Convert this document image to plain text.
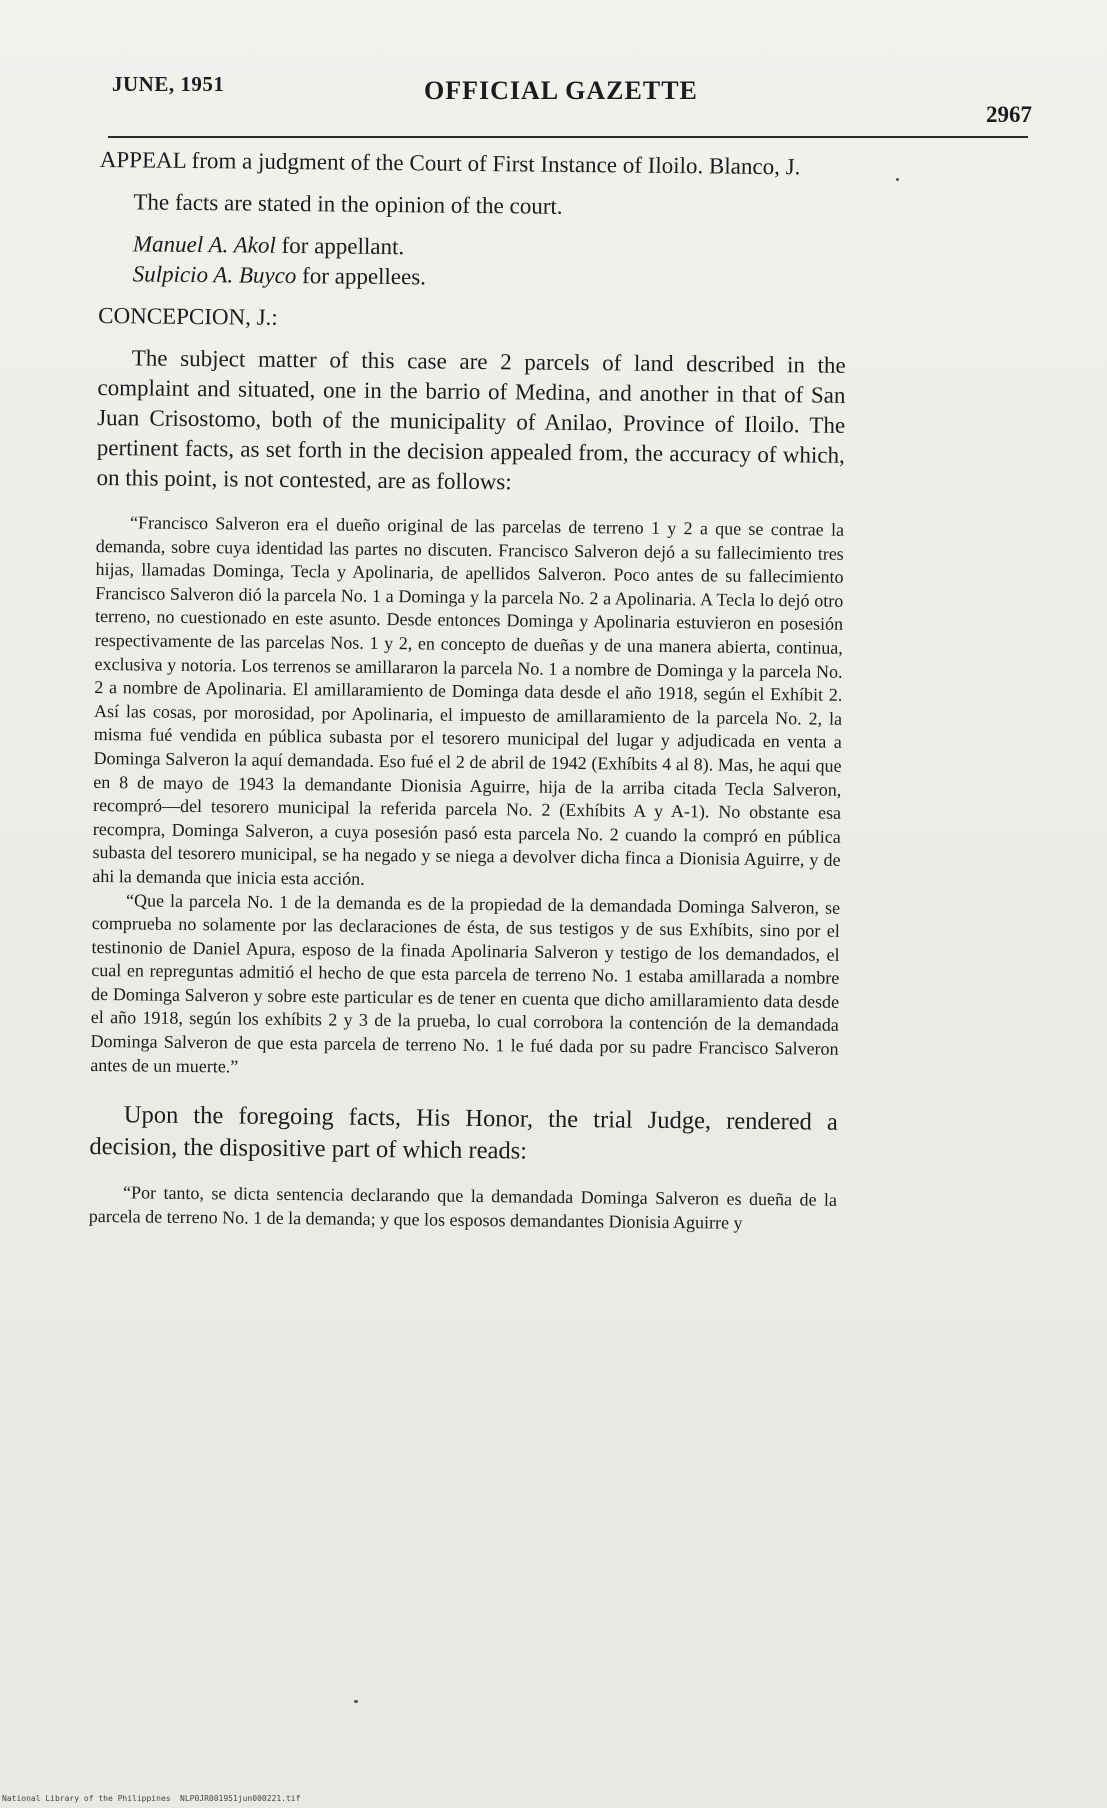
JUNE, 1951	OFFICIAL GAZETTE
2967

APPEAL from a judgment of the Court of First Instance of Iloilo. Blanco, J.

The facts are stated in the opinion of the court.

Manuel A. Akol for appellant.

Sulpicio A. Buyco for appellees.

CONCEPCION, J.:

The subject matter of this case are 2 parcels of land described in the complaint and situated, one in the barrio of Medina, and another in that of San Juan Crisostomo, both of the municipality of Anilao, Province of Iloilo. The pertinent facts, as set forth in the decision appealed from, the accuracy of which, on this point, is not contested, are as follows:

“Francisco Salveron era el dueño original de las parcelas de terreno 1 y 2 a que se contrae la demanda, sobre cuya identidad las partes no discuten. Francisco Salveron dejó a su fallecimiento tres hijas, llamadas Dominga, Tecla y Apolinaria, de apellidos Salveron. Poco antes de su fallecimiento Francisco Salveron dió la parcela No. 1 a Dominga y la parcela No. 2 a Apolinaria. A Tecla lo dejó otro terreno, no cuestionado en este asunto. Desde entonces Dominga y Apolinaria estuvieron en posesión respectivamente de las parcelas Nos. 1 y 2, en concepto de dueñas y de una manera abierta, continua, exclusiva y notoria. Los terrenos se amillararon la parcela No. 1 a nombre de Dominga y la parcela No. 2 a nombre de Apolinaria. El amillaramiento de Dominga data desde el año 1918, según el Exhíbit 2. Así las cosas, por morosidad, por Apolinaria, el impuesto de amillaramiento de la parcela No. 2, la misma fué vendida en pública subasta por el tesorero municipal del lugar y adjudicada en venta a Dominga Salveron la aquí demandada. Eso fué el 2 de abril de 1942 (Exhíbits 4 al 8). Mas, he aqui que en 8 de mayo de 1943 la demandante Dionisia Aguirre, hija de la arriba citada Tecla Salveron, recompró—del tesorero municipal la referida parcela No. 2 (Exhíbits A y A-1). No obstante esa recompra, Dominga Salveron, a cuya posesión pasó esta parcela No. 2 cuando la compró en pública subasta del tesorero municipal, se ha negado y se niega a devolver dicha finca a Dionisia Aguirre, y de ahi la demanda que inicia esta acción.

“Que la parcela No. 1 de la demanda es de la propiedad de la demandada Dominga Salveron, se comprueba no solamente por las declaraciones de ésta, de sus testigos y de sus Exhíbits, sino por el testinonio de Daniel Apura, esposo de la finada Apolinaria Salveron y testigo de los demandados, el cual en repreguntas admitió el hecho de que esta parcela de terreno No. 1 estaba amillarada a nombre de Dominga Salveron y sobre este particular es de tener en cuenta que dicho amillaramiento data desde el año 1918, según los exhíbits 2 y 3 de la prueba, lo cual corrobora la contención de la demandada Dominga Salveron de que esta parcela de terreno No. 1 le fué dada por su padre Francisco Salveron antes de un muerte.”

Upon the foregoing facts, His Honor, the trial Judge, rendered a decision, the dispositive part of which reads:

“Por tanto, se dicta sentencia declarando que la demandada Dominga Salveron es dueña de la parcela de terreno No. 1 de la demanda; y que los esposos demandantes Dionisia Aguirre y

National Library of the Philippines NLP0JR001951jun000221.tif
